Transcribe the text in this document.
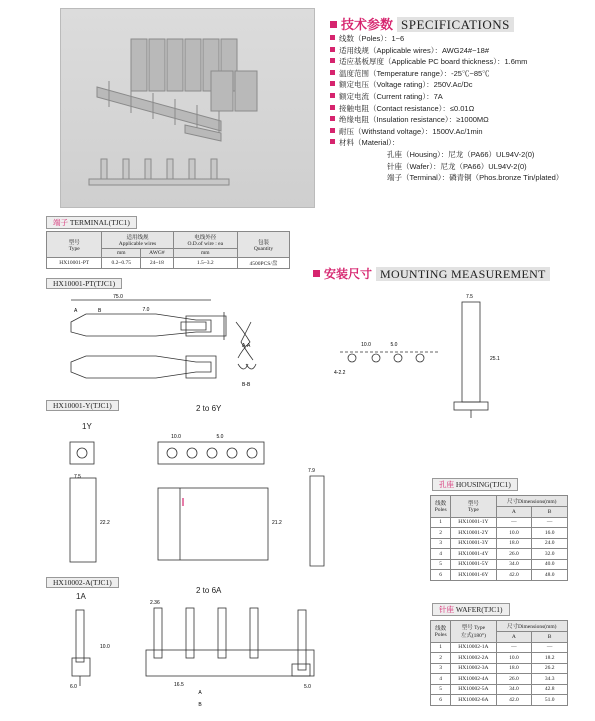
技术参数 SPECIFICATIONS
线数（Poles）：1~6
适用线规（Applicable wires）：AWG24#~18#
适应基板厚度（Applicable PC board thickness）：1.6mm
温度范围（Temperature range）：-25℃~85℃
额定电压（Voltage rating）：250V.Ac/Dc
额定电流（Current rating）：7A
接触电阻（Contact resistance）：≤0.01Ω
绝缘电阻（Insulation resistance）：≥1000MΩ
耐压（Withstand voltage）：1500V.Ac/1min
材料（Material）：
孔座（Housing）：尼龙（PA66）UL94V-2(0)
针座（Wafer）：尼龙（PA66）UL94V-2(0)
端子（Terminal）：磷青铜（Phos.bronze Tin/plated）
端子 TERMINAL(TJC1)
型号
Type	适用线规
Applicable wires		电线外径
O.D.of wire : ea	包装
Quantity
	mm	AWG#	mm	
HX10001-PT	0.2~0.75	24~18	1.5~3.2	4500PCS/盘
安装尺寸 MOUNTING MEASUREMENT
HX10001-PT(TJC1)
75.0
7.0
A	B
A-A
B-B
10.0	5.0
4-2.2
7.5
25.1
HX10001-Y(TJC1)
1Y
2 to 6Y
10.0	5.0
7.5
22.2	21.2
7.9
HX10002-A(TJC1)
1A
2 to 6A
2.36
10.0
6.0	16.5
A
B
5.0
孔座 HOUSING(TJC1)
线数
Poles	型号
Type	尺寸Dimensions(mm)	
		A	B
1	HX10001-1Y	—	—
2	HX10001-2Y	10.0	16.0
3	HX10001-3Y	18.0	24.0
4	HX10001-4Y	26.0	32.0
5	HX10001-5Y	34.0	40.0
6	HX10001-6Y	42.0	48.0
针座 WAFER(TJC1)
线数
Poles	型号 Type
左式(180°)	尺寸Dimensions(mm)	
		A	B
1	HX10002-1A	—	—
2	HX10002-2A	10.0	18.2
3	HX10002-3A	18.0	26.2
4	HX10002-4A	26.0	34.3
5	HX10002-5A	34.0	42.8
6	HX10002-6A	42.0	51.0
